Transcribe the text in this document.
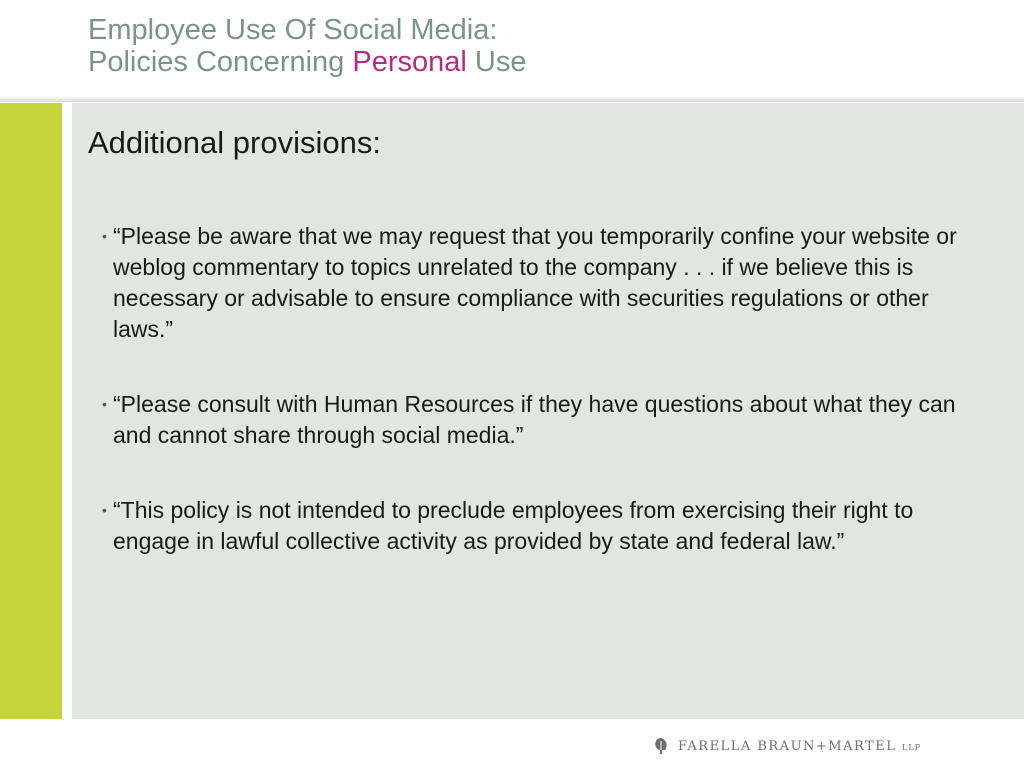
Employee Use Of Social Media:
Policies Concerning Personal Use
Additional provisions:
• “Please be aware that we may request that you temporarily confine your website or weblog commentary to topics unrelated to the company . . . if we believe this is necessary or advisable to ensure compliance with securities regulations or other laws.”
• “Please consult with Human Resources if they have questions about what they can and cannot share through social media.”
• “This policy is not intended to preclude employees from exercising their right to engage in lawful collective activity as provided by state and federal law.”
FARELLA BRAUN+MARTEL LLP
